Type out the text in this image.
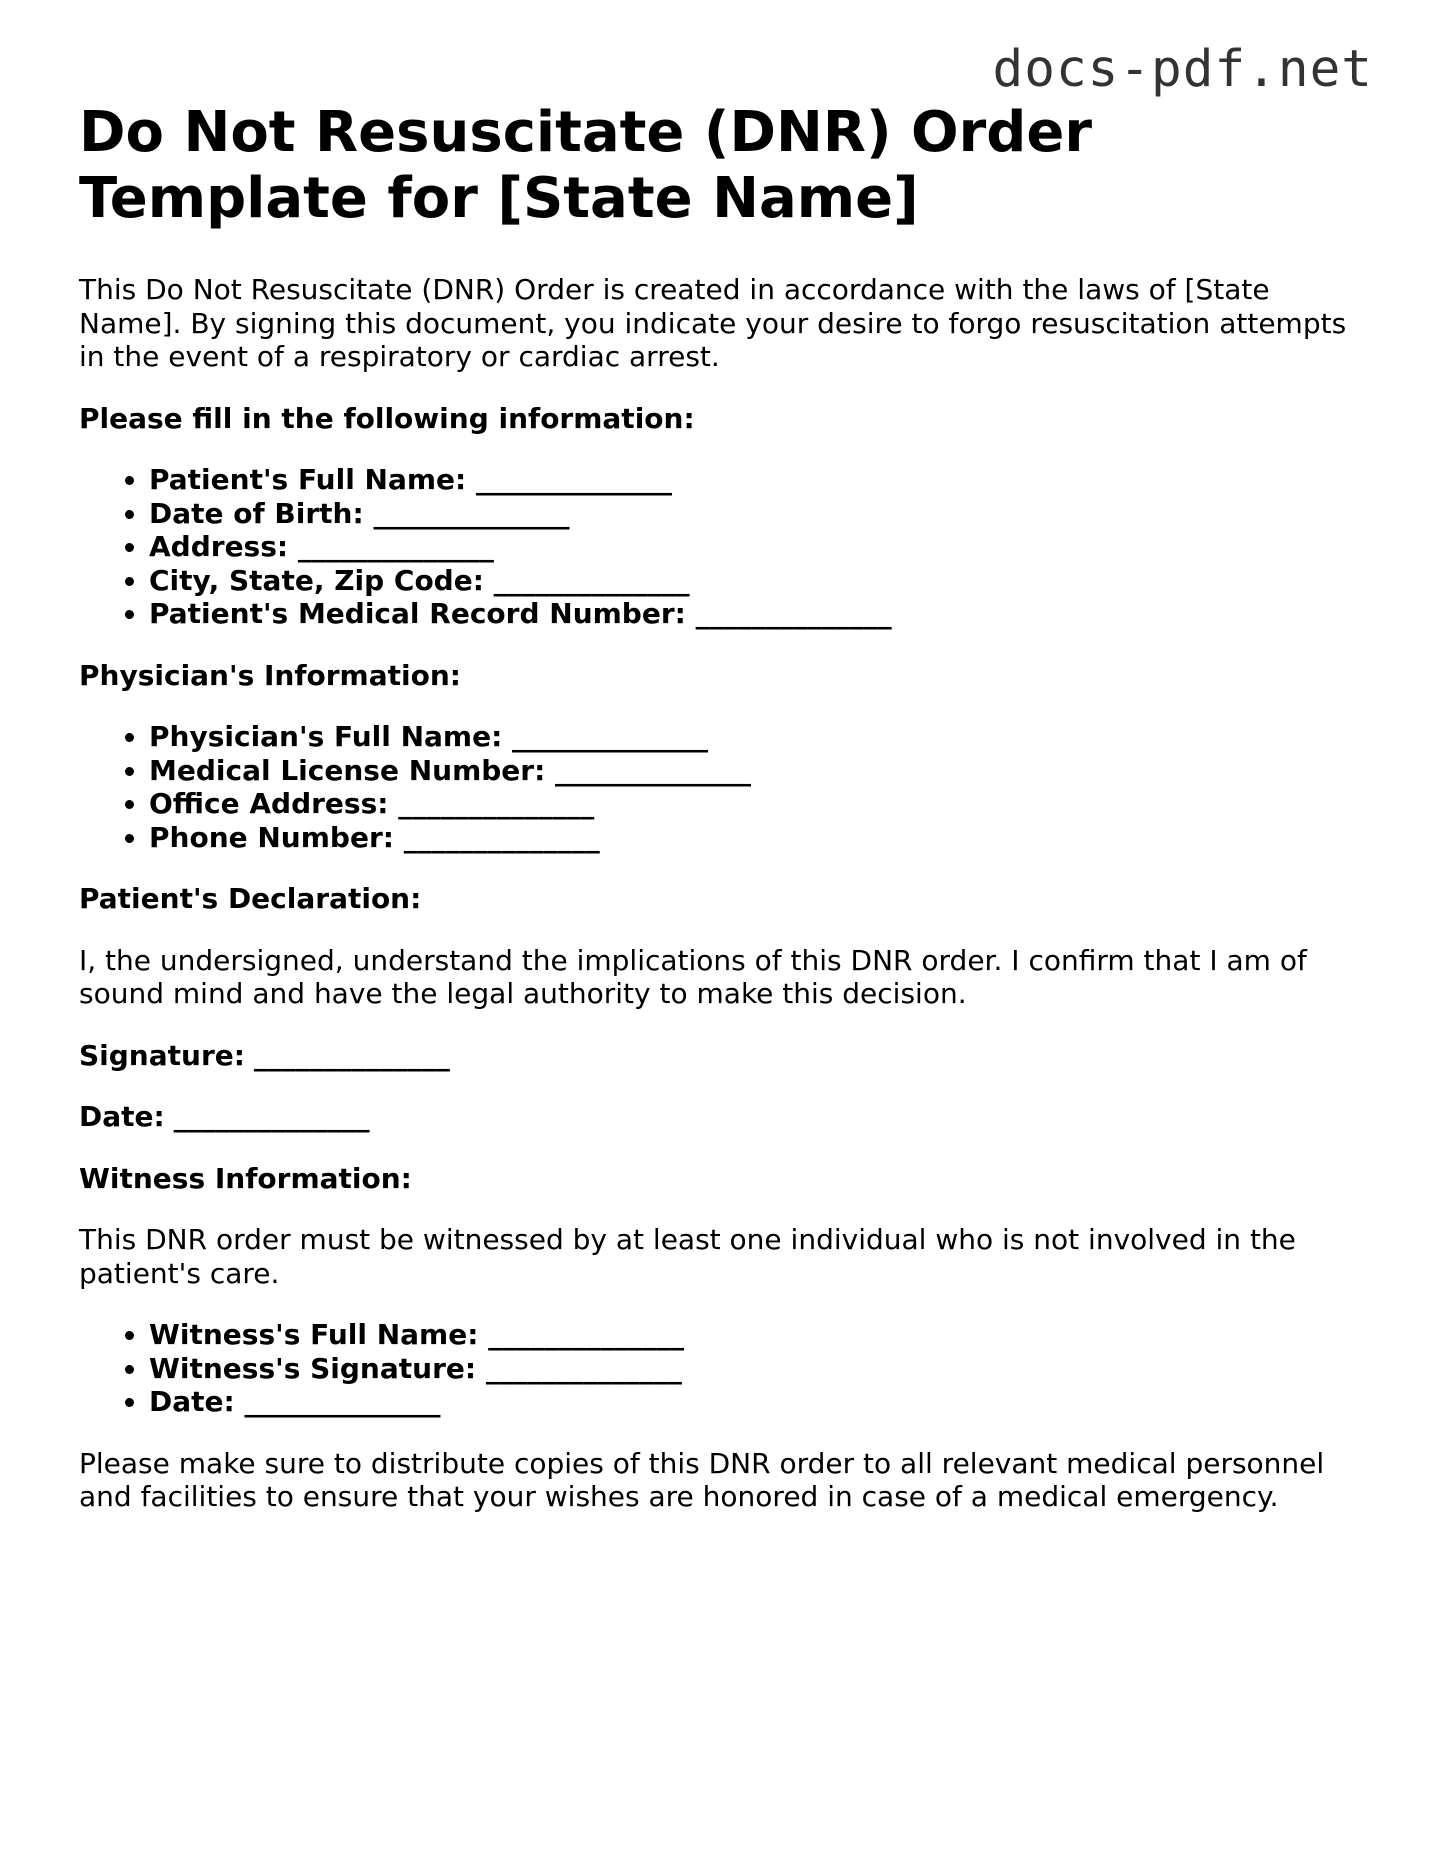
docs-pdf.net
Do Not Resuscitate (DNR) Order Template for [State Name]

This Do Not Resuscitate (DNR) Order is created in accordance with the laws of [State Name]. By signing this document, you indicate your desire to forgo resuscitation attempts in the event of a respiratory or cardiac arrest.

Please fill in the following information:

• Patient's Full Name: ______________
• Date of Birth: ______________
• Address: ______________
• City, State, Zip Code: ______________
• Patient's Medical Record Number: ______________

Physician's Information:

• Physician's Full Name: ______________
• Medical License Number: ______________
• Office Address: ______________
• Phone Number: ______________

Patient's Declaration:

I, the undersigned, understand the implications of this DNR order. I confirm that I am of sound mind and have the legal authority to make this decision.

Signature: ______________

Date: ______________

Witness Information:

This DNR order must be witnessed by at least one individual who is not involved in the patient's care.

• Witness's Full Name: ______________
• Witness's Signature: ______________
• Date: ______________

Please make sure to distribute copies of this DNR order to all relevant medical personnel and facilities to ensure that your wishes are honored in case of a medical emergency.
